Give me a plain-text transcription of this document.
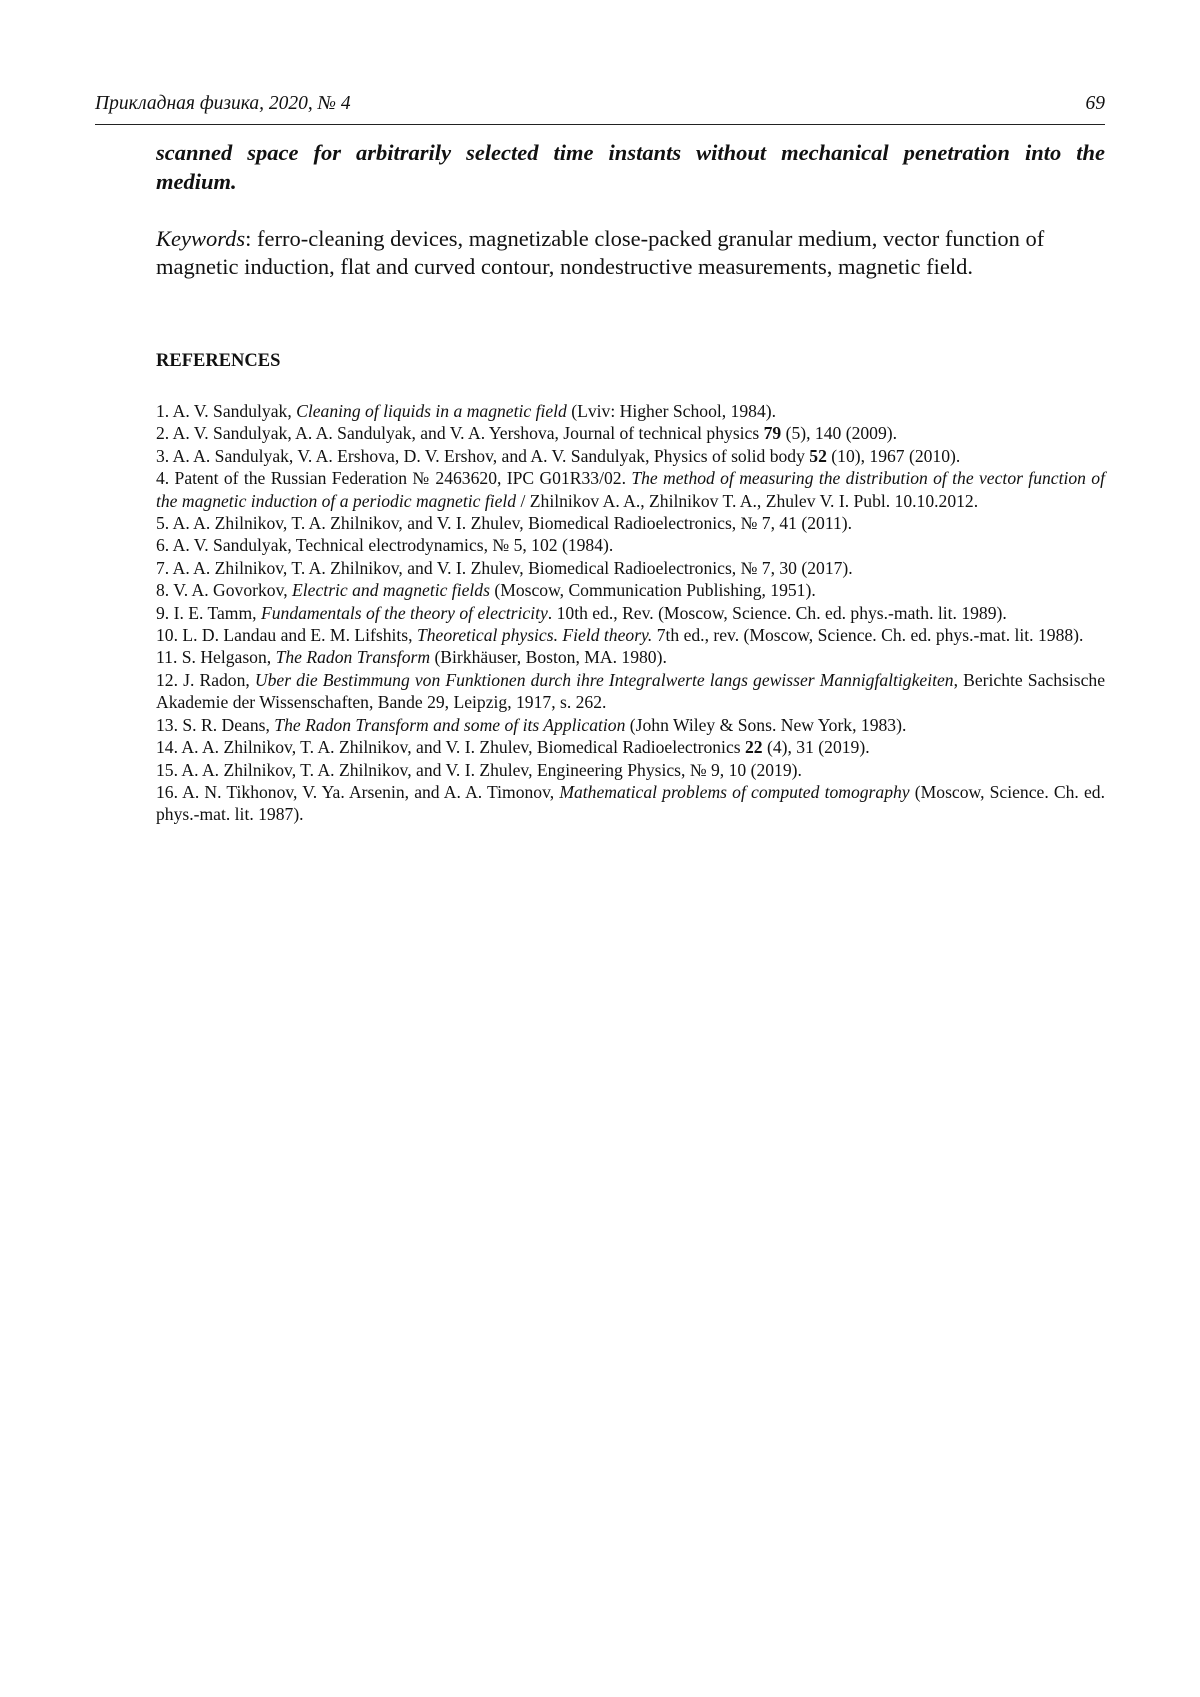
Прикладная физика, 2020, № 4	69

scanned space for arbitrarily selected time instants without mechanical penetration into the medium.

Keywords: ferro-cleaning devices, magnetizable close-packed granular medium, vector function of magnetic induction, flat and curved contour, nondestructive measurements, magnetic field.

REFERENCES
1. A. V. Sandulyak, Cleaning of liquids in a magnetic field (Lviv: Higher School, 1984).
2. A. V. Sandulyak, A. A. Sandulyak, and V. A. Yershova, Journal of technical physics 79 (5), 140 (2009).
3. A. A. Sandulyak, V. A. Ershova, D. V. Ershov, and A. V. Sandulyak, Physics of solid body 52 (10), 1967 (2010).
4. Patent of the Russian Federation № 2463620, IPC G01R33/02. The method of measuring the distribution of the vector function of the magnetic induction of a periodic magnetic field / Zhilnikov A. A., Zhilnikov T. A., Zhulev V. I. Publ. 10.10.2012.
5. A. A. Zhilnikov, T. A. Zhilnikov, and V. I. Zhulev, Biomedical Radioelectronics, № 7, 41 (2011).
6. A. V. Sandulyak, Technical electrodynamics, № 5, 102 (1984).
7. A. A. Zhilnikov, T. A. Zhilnikov, and V. I. Zhulev, Biomedical Radioelectronics, № 7, 30 (2017).
8. V. A. Govorkov, Electric and magnetic fields (Moscow, Communication Publishing, 1951).
9. I. E. Tamm, Fundamentals of the theory of electricity. 10th ed., Rev. (Moscow, Science. Ch. ed. phys.-math. lit. 1989).
10. L. D. Landau and E. M. Lifshits, Theoretical physics. Field theory. 7th ed., rev. (Moscow, Science. Ch. ed. phys.-mat. lit. 1988).
11. S. Helgason, The Radon Transform (Birkhäuser, Boston, MA. 1980).
12. J. Radon, Uber die Bestimmung von Funktionen durch ihre Integralwerte langs gewisser Mannigfaltigkeiten, Berichte Sachsische Akademie der Wissenschaften, Bande 29, Leipzig, 1917, s. 262.
13. S. R. Deans, The Radon Transform and some of its Application (John Wiley & Sons. New York, 1983).
14. A. A. Zhilnikov, T. A. Zhilnikov, and V. I. Zhulev, Biomedical Radioelectronics 22 (4), 31 (2019).
15. A. A. Zhilnikov, T. A. Zhilnikov, and V. I. Zhulev, Engineering Physics, № 9, 10 (2019).
16. A. N. Tikhonov, V. Ya. Arsenin, and A. A. Timonov, Mathematical problems of computed tomography (Moscow, Science. Ch. ed. phys.-mat. lit. 1987).
